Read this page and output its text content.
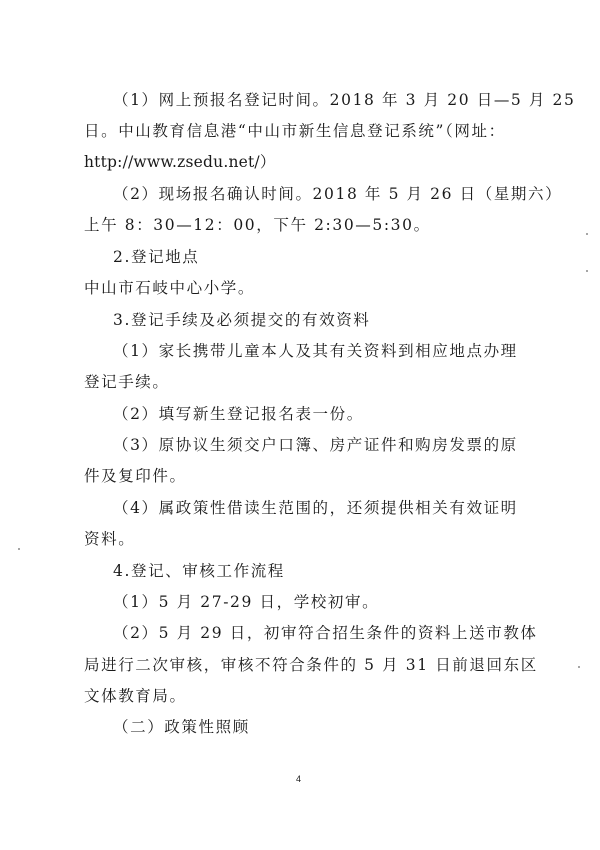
（1）网上预报名登记时间。2018 年 3 月 20 日—5 月 25
日。中山教育信息港“中山市新生信息登记系统”（网址：
http://www.zsedu.net/）
（2）现场报名确认时间。2018 年 5 月 26 日（星期六）
上午 8：30—12：00，下午 2:30—5:30。
2.登记地点
中山市石岐中心小学。
3.登记手续及必须提交的有效资料
（1）家长携带儿童本人及其有关资料到相应地点办理
登记手续。
（2）填写新生登记报名表一份。
（3）原协议生须交户口簿、房产证件和购房发票的原
件及复印件。
（4）属政策性借读生范围的，还须提供相关有效证明
资料。
4.登记、审核工作流程
（1）5 月 27-29 日，学校初审。
（2）5 月 29 日，初审符合招生条件的资料上送市教体
局进行二次审核，审核不符合条件的 5 月 31 日前退回东区
文体教育局。
（二）政策性照顾
4
